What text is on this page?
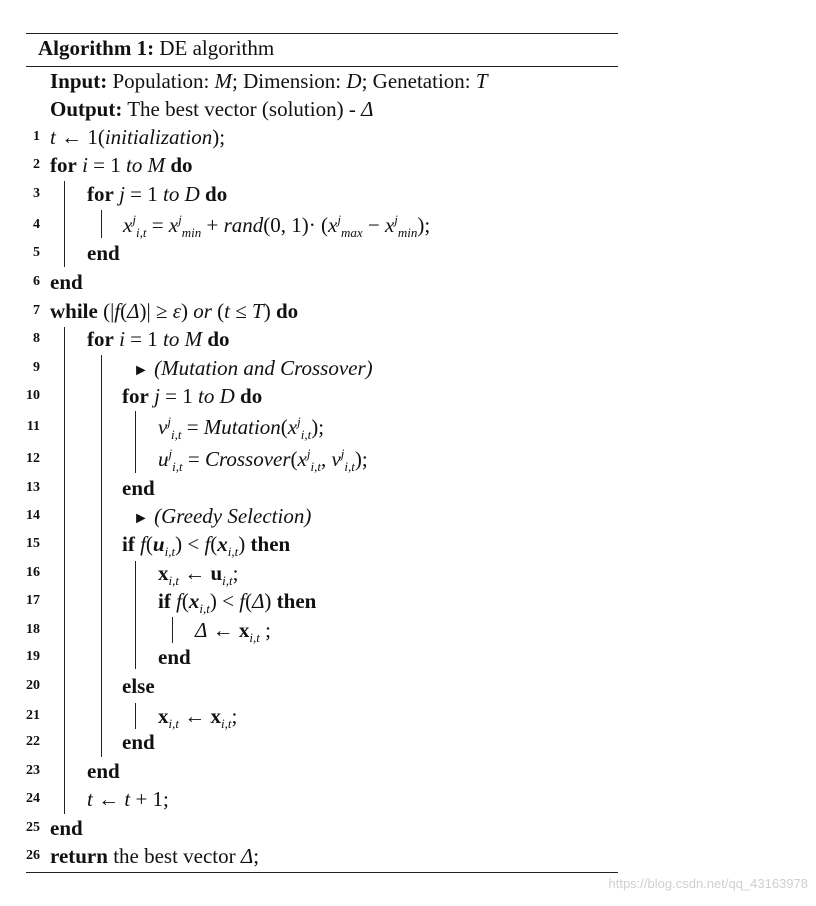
Algorithm 1: DE algorithm
Input: Population: M; Dimension: D; Genetation: T
Output: The best vector (solution) - Δ
1 t ← 1(initialization);
2 for i = 1 to M do
3 for j = 1 to D do
4	$x^j_{i,t} = x^j_{min}$ + rand(0, $1)\cdot (x^j_{max} - x^j_{min})$;
5 end
6 end
7 while (|f(Δ)| ≥ ε) or (t ≤ T) do
8 for i = 1 to M do
9	► (Mutation and Crossover)
10	for j = 1 to D do
11	$v^j_{i,t}$ = $Mutation(x^j_{i,t})$;
12	$u^j_{i,t}$ = $Crossover(x^j_{i,t}$, $v^j_{i,t}$);
13	end
14	► (Greedy Selection)
15	if $f(u_{i,t}) < f(x_{i,t})$ then
16	$x_{i,t}$ ← $u_{i,t}$;
17	if $f(x_{i,t}) < f(\Delta)$ then
18	Δ ← $x_{i,t}$ ;
19	end
20	else
21	$x_{i,t}$ ← $x_{i,t}$;
22	end
23 end
24 t ← t + 1;
25 end
26 return the best vector Δ;
https://blog.csdn.net/qq_43163978
